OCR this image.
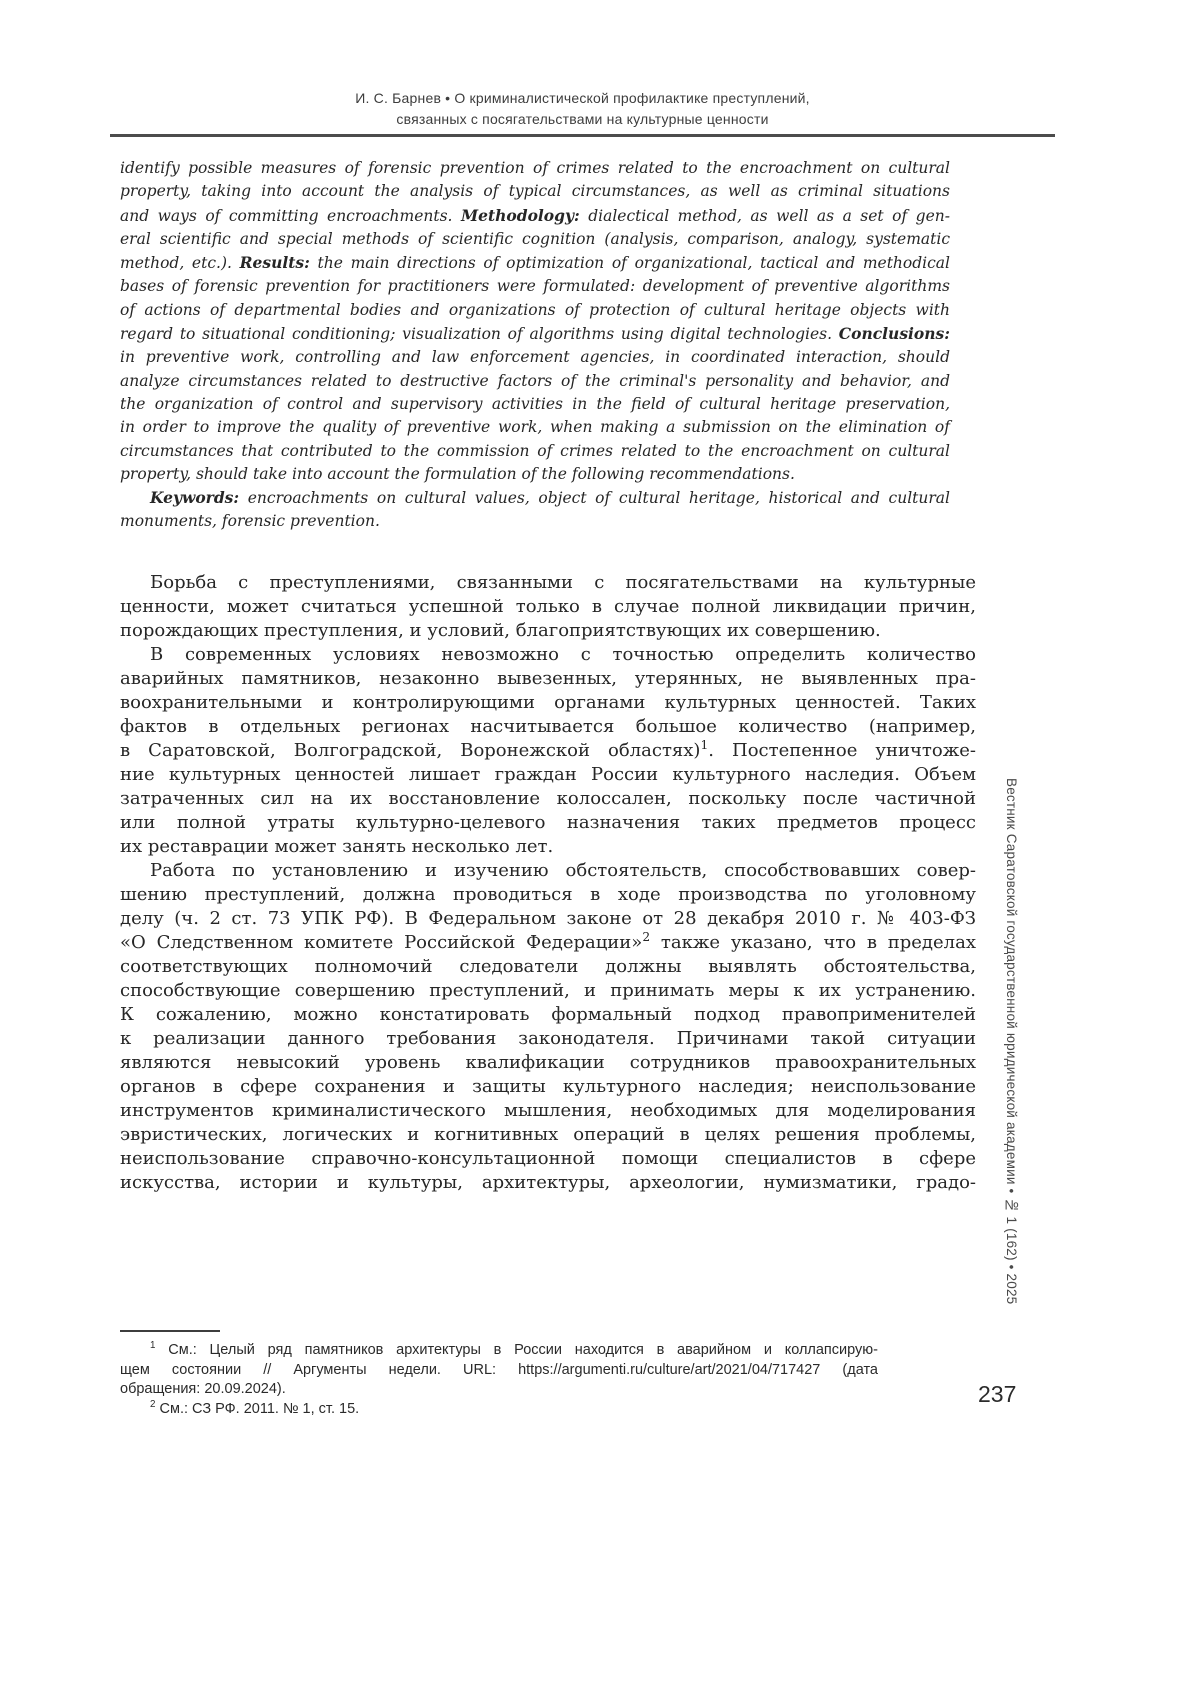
И. С. Барнев • О криминалистической профилактике преступлений,
связанных с посягательствами на культурные ценности
identify possible measures of forensic prevention of crimes related to the encroachment on cultural
property, taking into account the analysis of typical circumstances, as well as criminal situations
and ways of committing encroachments. Methodology: dialectical method, as well as a set of gen-
eral scientific and special methods of scientific cognition (analysis, comparison, analogy, systematic
method, etc.). Results: the main directions of optimization of organizational, tactical and methodical
bases of forensic prevention for practitioners were formulated: development of preventive algorithms
of actions of departmental bodies and organizations of protection of cultural heritage objects with
regard to situational conditioning; visualization of algorithms using digital technologies. Conclusions:
in preventive work, controlling and law enforcement agencies, in coordinated interaction, should
analyze circumstances related to destructive factors of the criminal's personality and behavior, and
the organization of control and supervisory activities in the field of cultural heritage preservation,
in order to improve the quality of preventive work, when making a submission on the elimination of
circumstances that contributed to the commission of crimes related to the encroachment on cultural
property, should take into account the formulation of the following recommendations.
Keywords: encroachments on cultural values, object of cultural heritage, historical and cultural
monuments, forensic prevention.
Борьба с преступлениями, связанными с посягательствами на культурные
ценности, может считаться успешной только в случае полной ликвидации причин,
порождающих преступления, и условий, благоприятствующих их совершению.
В современных условиях невозможно с точностью определить количество
аварийных памятников, незаконно вывезенных, утерянных, не выявленных пра-
воохранительными и контролирующими органами культурных ценностей. Таких
фактов в отдельных регионах насчитывается большое количество (например,
в Саратовской, Волгоградской, Воронежской областях)$^1$. Постепенное уничтоже-
ние культурных ценностей лишает граждан России культурного наследия. Объем
затраченных сил на их восстановление колоссален, поскольку после частичной
или полной утраты культурно-целевого назначения таких предметов процесс
их реставрации может занять несколько лет.
Работа по установлению и изучению обстоятельств, способствовавших совер-
шению преступлений, должна проводиться в ходе производства по уголовному
делу (ч. 2 ст. 73 УПК РФ). В Федеральном законе от 28 декабря 2010 г. № 403-ФЗ
«О Следственном комитете Российской Федерации»$^2$ также указано, что в пределах
соответствующих полномочий следователи должны выявлять обстоятельства,
способствующие совершению преступлений, и принимать меры к их устранению.
К сожалению, можно констатировать формальный подход правоприменителей
к реализации данного требования законодателя. Причинами такой ситуации
являются невысокий уровень квалификации сотрудников правоохранительных
органов в сфере сохранения и защиты культурного наследия; неиспользование
инструментов криминалистического мышления, необходимых для моделирования
эвристических, логических и когнитивных операций в целях решения проблемы,
неиспользование справочно-консультационной помощи специалистов в сфере
искусства, истории и культуры, архитектуры, археологии, нумизматики, градо-
$^1$ См.: Целый ряд памятников архитектуры в России находится в аварийном и коллапсирую-
щем состоянии // Аргументы недели. URL: https://argumenti.ru/culture/art/2021/04/717427 (дата
обращения: 20.09.2024).
$^2$ См.: СЗ РФ. 2011. № 1, ст. 15.
Вестник Саратовской государственной юридической академии • № 1 (162) • 2025
237
